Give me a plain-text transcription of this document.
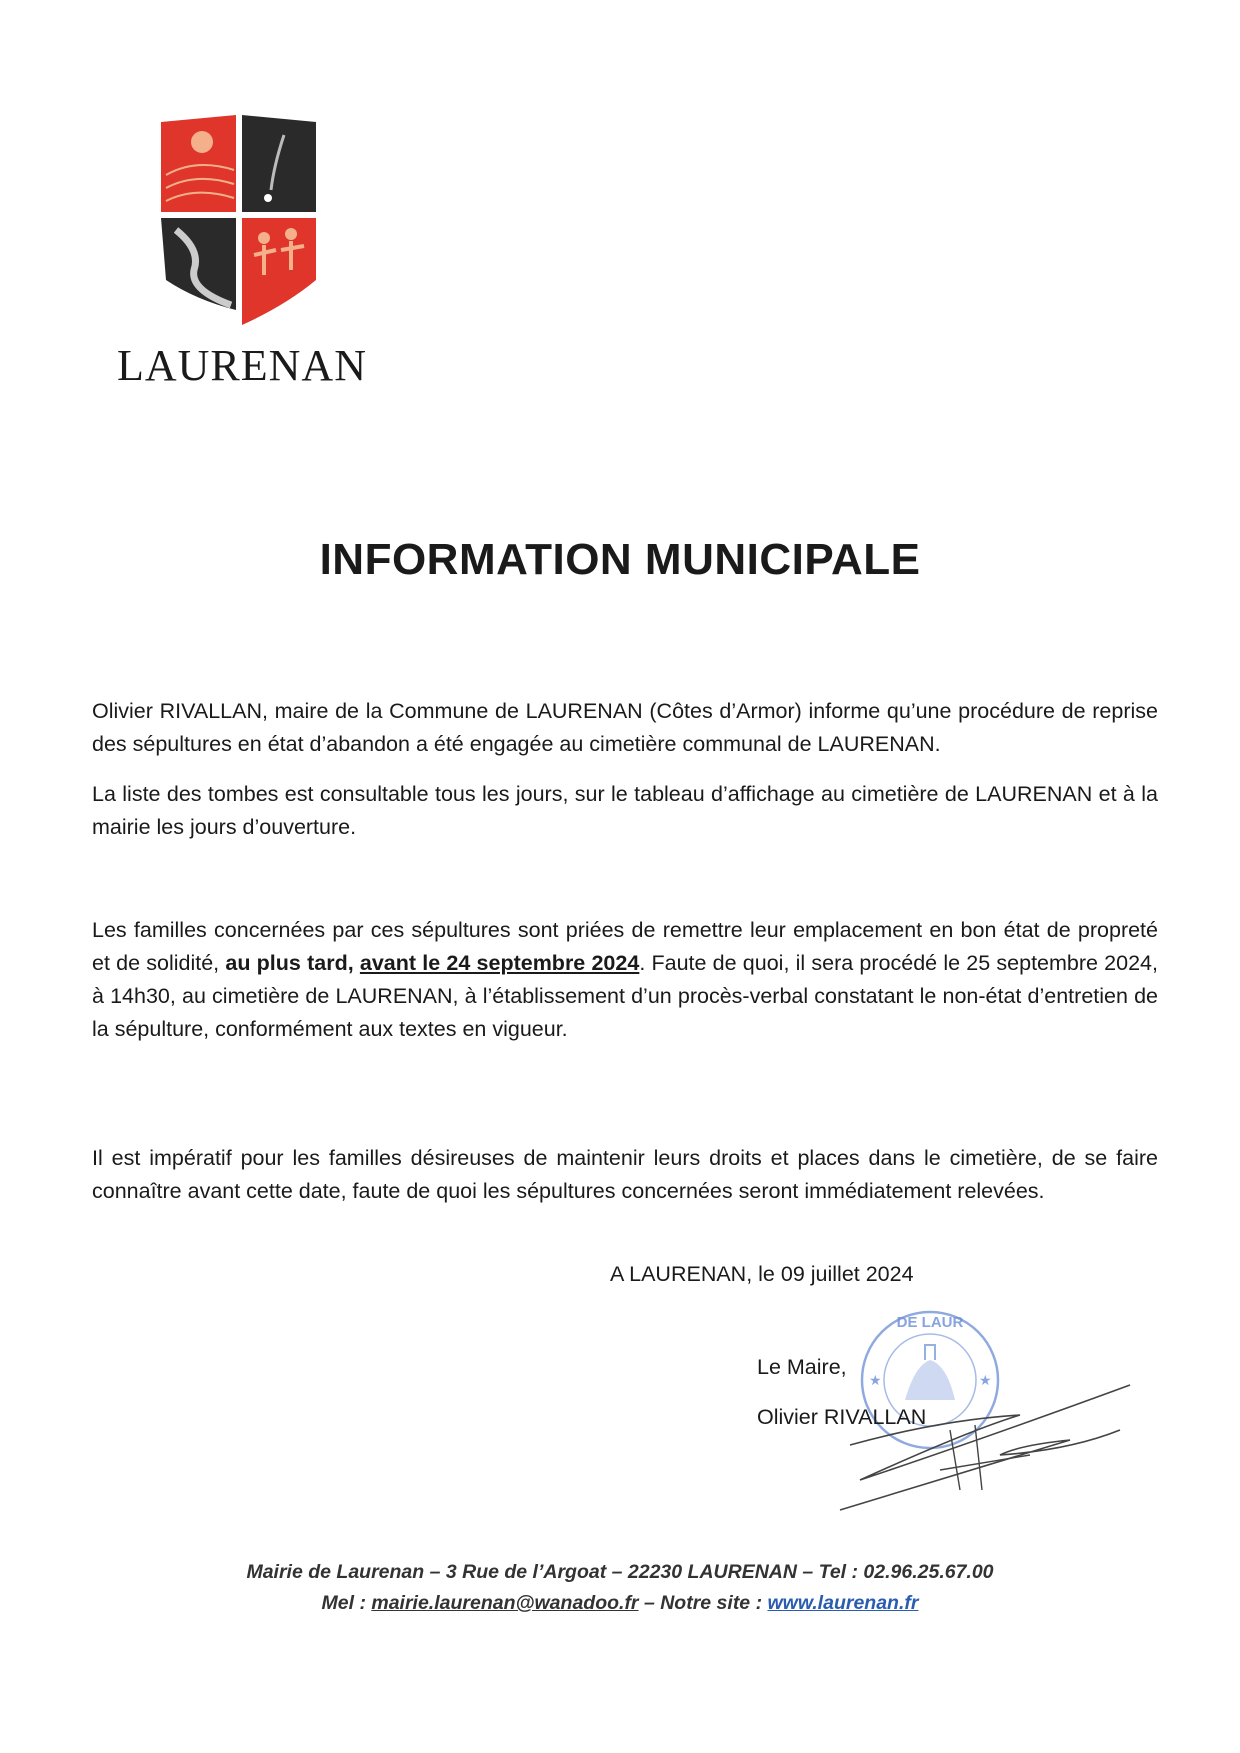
LAURENAN
INFORMATION MUNICIPALE
Olivier RIVALLAN, maire de la Commune de LAURENAN (Côtes d’Armor) informe qu’une procédure de reprise des sépultures en état d’abandon a été engagée au cimetière communal de LAURENAN.
La liste des tombes est consultable tous les jours, sur le tableau d’affichage au cimetière de LAURENAN et à la mairie les jours d’ouverture.
Les familles concernées par ces sépultures sont priées de remettre leur emplacement en bon état de propreté et de solidité, au plus tard, avant le 24 septembre 2024. Faute de quoi, il sera procédé le 25 septembre 2024, à 14h30, au cimetière de LAURENAN, à l’établissement d’un procès-verbal constatant le non-état d’entretien de la sépulture, conformément aux textes en vigueur.
Il est impératif pour les familles désireuses de maintenir leurs droits et places dans le cimetière, de se faire connaître avant cette date, faute de quoi les sépultures concernées seront immédiatement relevées.
A LAURENAN, le 09 juillet 2024
DE LAUR
★	★
Le Maire,
Olivier RIVALLAN
Mairie de Laurenan – 3 Rue de l’Argoat – 22230 LAURENAN – Tel : 02.96.25.67.00
Mel : mairie.laurenan@wanadoo.fr – Notre site : www.laurenan.fr
